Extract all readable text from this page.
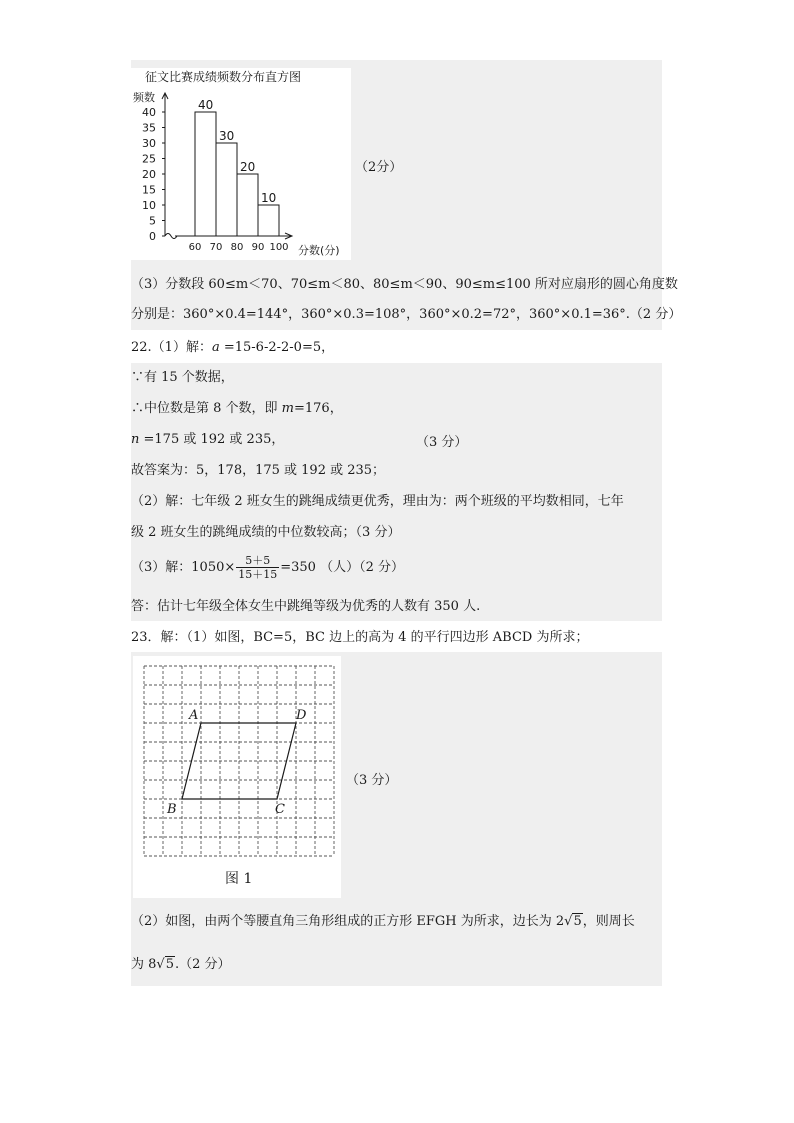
征文比赛成绩频数分布直方图
频数
分数(分)
0
5
10
15
20
25
30
35
40
60 70 80 90 100
40
30
20
10
（2分）
（3）分数段 60≤m＜70、70≤m＜80、80≤m＜90、90≤m≤100 所对应扇形的圆心角度数
分别是：360°×0.4=144°，360°×0.3=108°，360°×0.2=72°，360°×0.1=36°.（2 分）
22.（1）解：a =15-6-2-2-0=5，
∵有 15 个数据，
∴中位数是第 8 个数，即 m=176，
n =175 或 192 或 235，	（3 分）
故答案为：5，178，175 或 192 或 235；
（2）解：七年级 2 班女生的跳绳成绩更优秀，理由为：两个班级的平均数相同，七年
级 2 班女生的跳绳成绩的中位数较高；（3 分）
（3）解：$1050\times \frac{5+5}{15+15} =350$ （人）（2 分）
答：估计七年级全体女生中跳绳等级为优秀的人数有 350 人.
23．解：（1）如图，BC=5，BC 边上的高为 4 的平行四边形 ABCD 为所求；
A	D
B	C
图 1
（3 分）
（2）如图，由两个等腰直角三角形组成的正方形 EFGH 为所求，边长为 2√5，则周长
为 8√5.（2 分）
